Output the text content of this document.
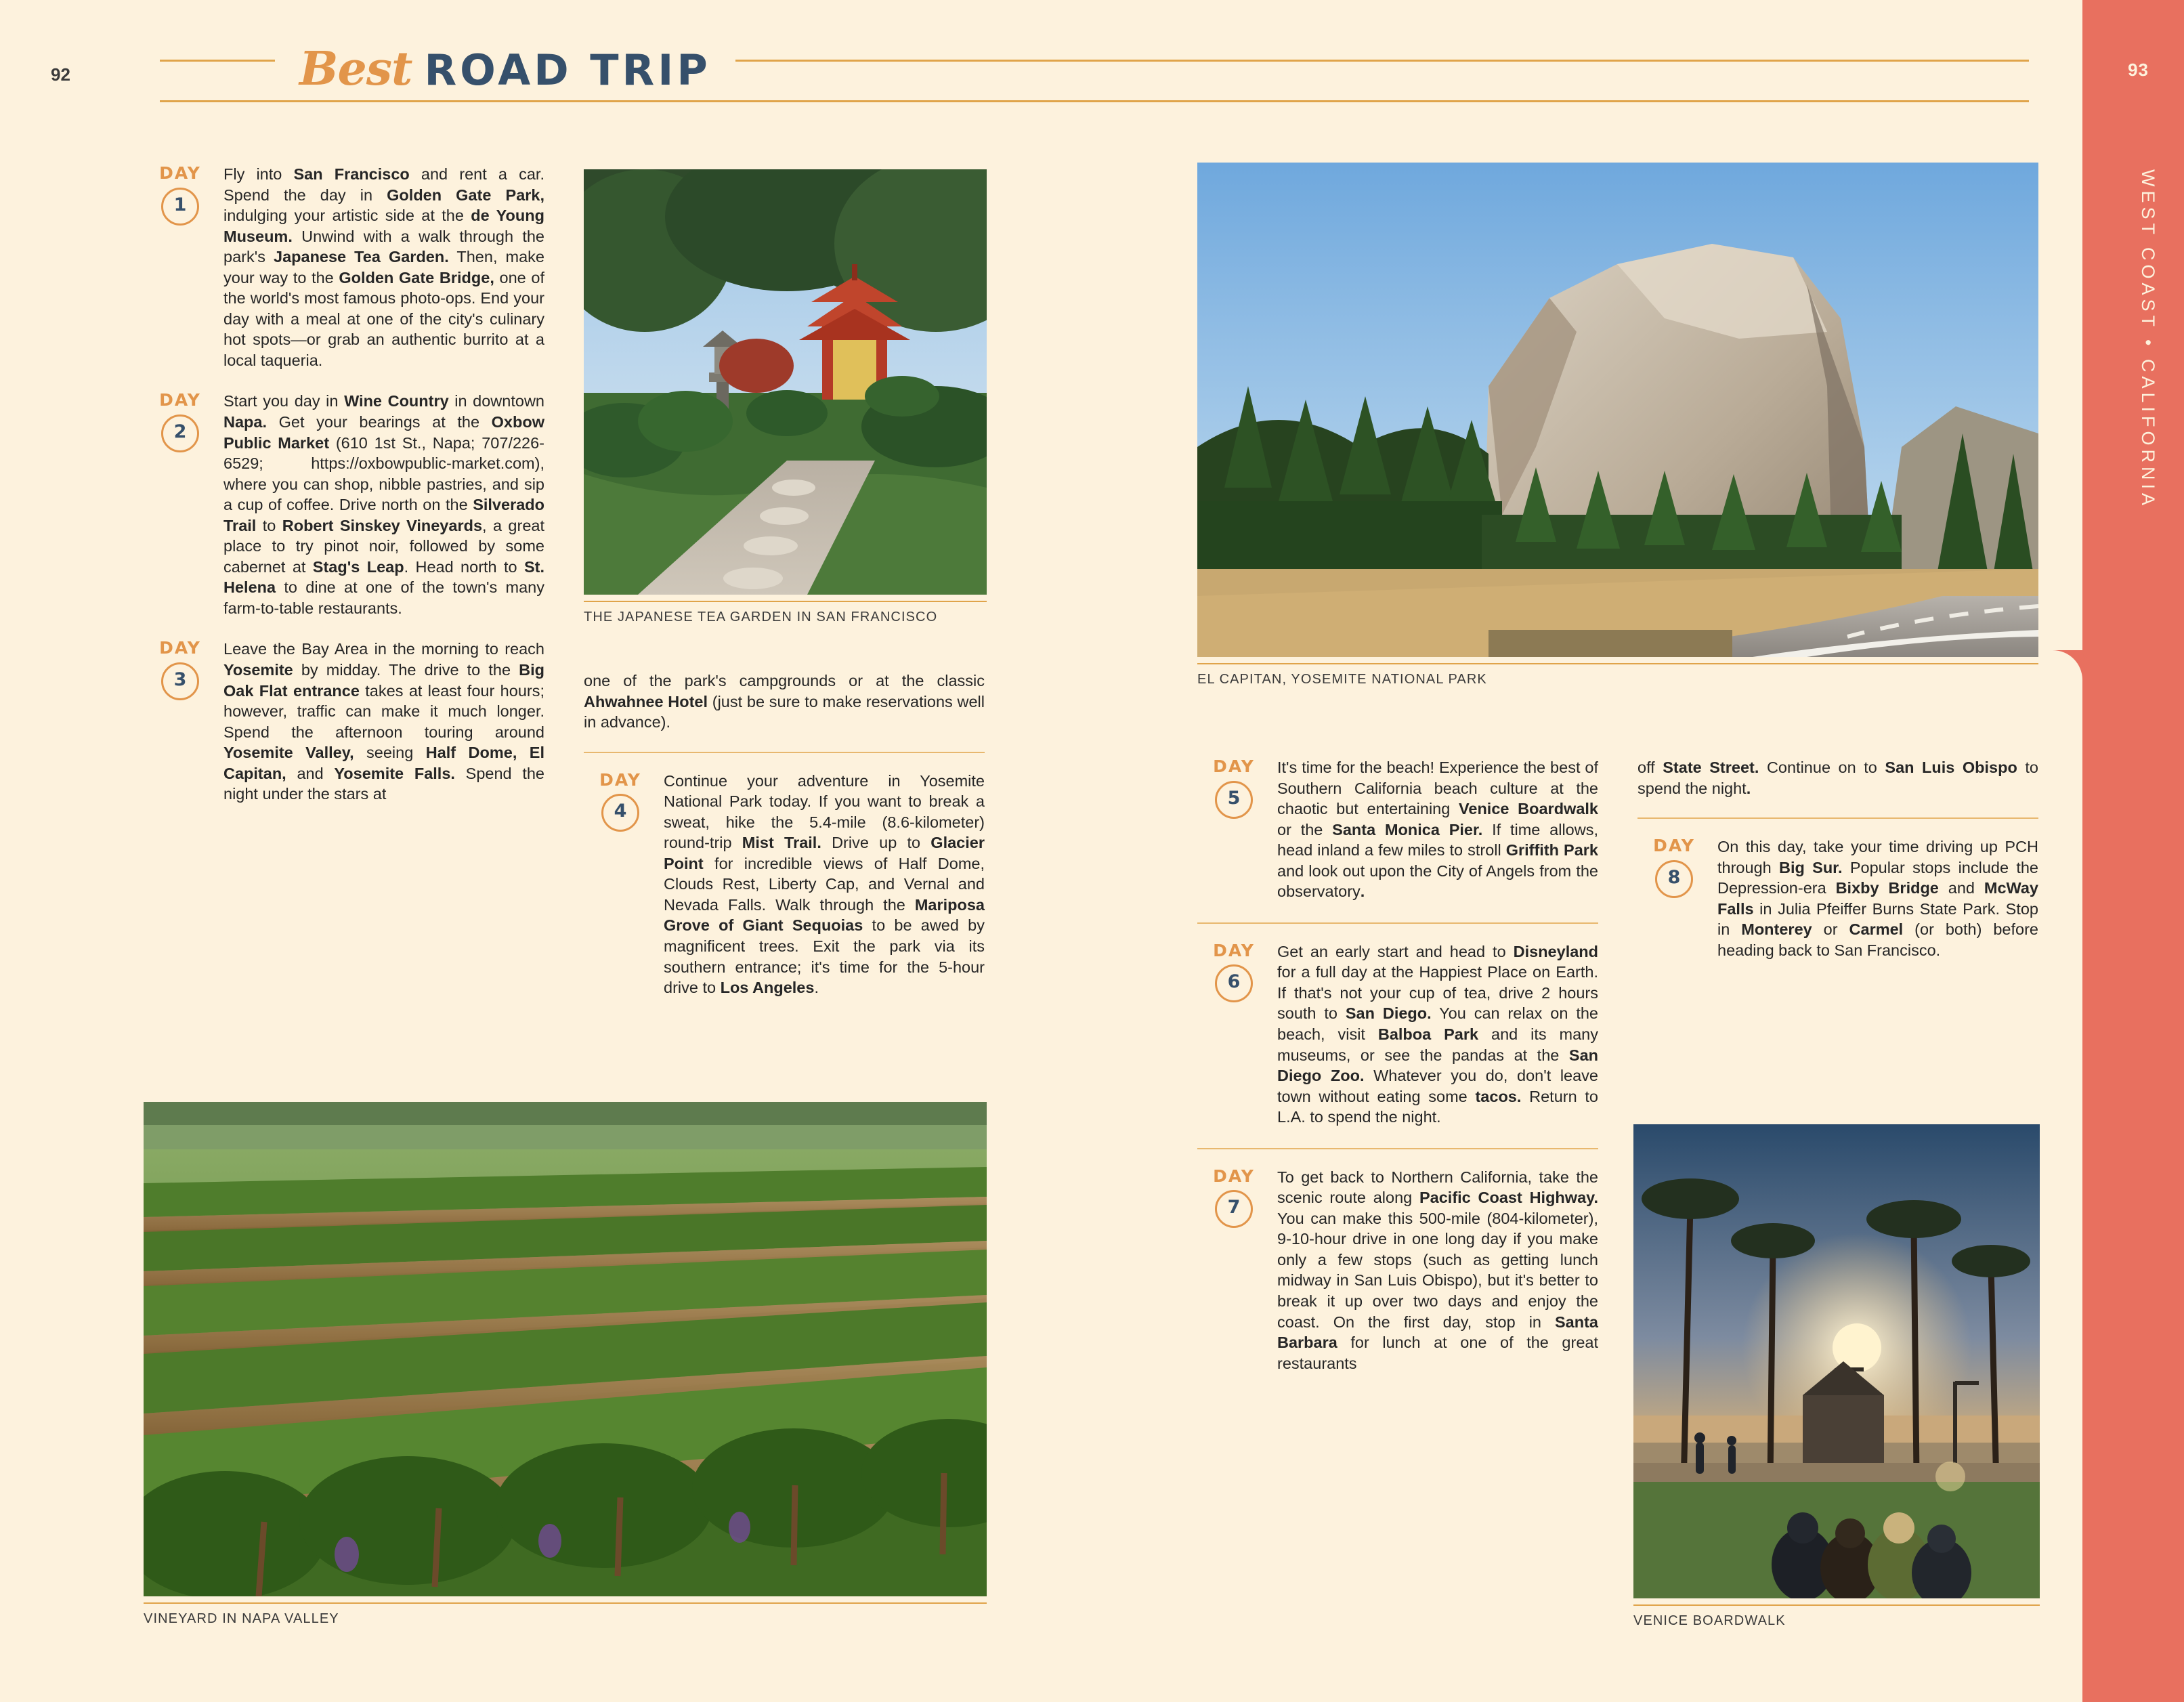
92	Best ROAD TRIP
DAY
1
Fly into San Francisco and rent a car. Spend the day in Golden Gate Park, indulging your artistic side at the de Young Museum. Unwind with a walk through the park's Japanese Tea Garden. Then, make your way to the Golden Gate Bridge, one of the world's most famous photo-ops. End your day with a meal at one of the city's culinary hot spots—or grab an authentic burrito at a local taqueria.
DAY
2
Start you day in Wine Country in downtown Napa. Get your bearings at the Oxbow Public Market (610 1st St., Napa; 707/226-6529; https://oxbowpublic-market.com), where you can shop, nibble pastries, and sip a cup of coffee. Drive north on the Silverado Trail to Robert Sinskey Vineyards, a great place to try pinot noir, followed by some cabernet at Stag's Leap. Head north to St. Helena to dine at one of the town's many farm-to-table restaurants.
DAY
3
Leave the Bay Area in the morning to reach Yosemite by midday. The drive to the Big Oak Flat entrance takes at least four hours; however, traffic can make it much longer. Spend the afternoon touring around Yosemite Valley, seeing Half Dome, El Capitan, and Yosemite Falls. Spend the night under the stars at
one of the park's campgrounds or at the classic Ahwahnee Hotel (just be sure to make reservations well in advance).
DAY
4
Continue your adventure in Yosemite National Park today. If you want to break a sweat, hike the 5.4-mile (8.6-kilometer) round-trip Mist Trail. Drive up to Glacier Point for incredible views of Half Dome, Clouds Rest, Liberty Cap, and Vernal and Nevada Falls. Walk through the Mariposa Grove of Giant Sequoias to be awed by magnificent trees. Exit the park via its southern entrance; it's time for the 5-hour drive to Los Angeles.
DAY
5
It's time for the beach! Experience the best of Southern California beach culture at the chaotic but entertaining Venice Boardwalk or the Santa Monica Pier. If time allows, head inland a few miles to stroll Griffith Park and look out upon the City of Angels from the observatory.
DAY
6
Get an early start and head to Disneyland for a full day at the Happiest Place on Earth. If that's not your cup of tea, drive 2 hours south to San Diego. You can relax on the beach, visit Balboa Park and its many museums, or see the pandas at the San Diego Zoo. Whatever you do, don't leave town without eating some tacos. Return to L.A. to spend the night.
DAY
7
To get back to Northern California, take the scenic route along Pacific Coast Highway. You can make this 500-mile (804-kilometer), 9-10-hour drive in one long day if you make only a few stops (such as getting lunch midway in San Luis Obispo), but it's better to break it up over two days and enjoy the coast. On the first day, stop in Santa Barbara for lunch at one of the great restaurants
off State Street. Continue on to San Luis Obispo to spend the night.
DAY
8
On this day, take your time driving up PCH through Big Sur. Popular stops include the Depression-era Bixby Bridge and McWay Falls in Julia Pfeiffer Burns State Park. Stop in Monterey or Carmel (or both) before heading back to San Francisco.
THE JAPANESE TEA GARDEN IN SAN FRANCISCO
EL CAPITAN, YOSEMITE NATIONAL PARK
VINEYARD IN NAPA VALLEY	VENICE BOARDWALK
93
WEST COAST • CALIFORNIA
